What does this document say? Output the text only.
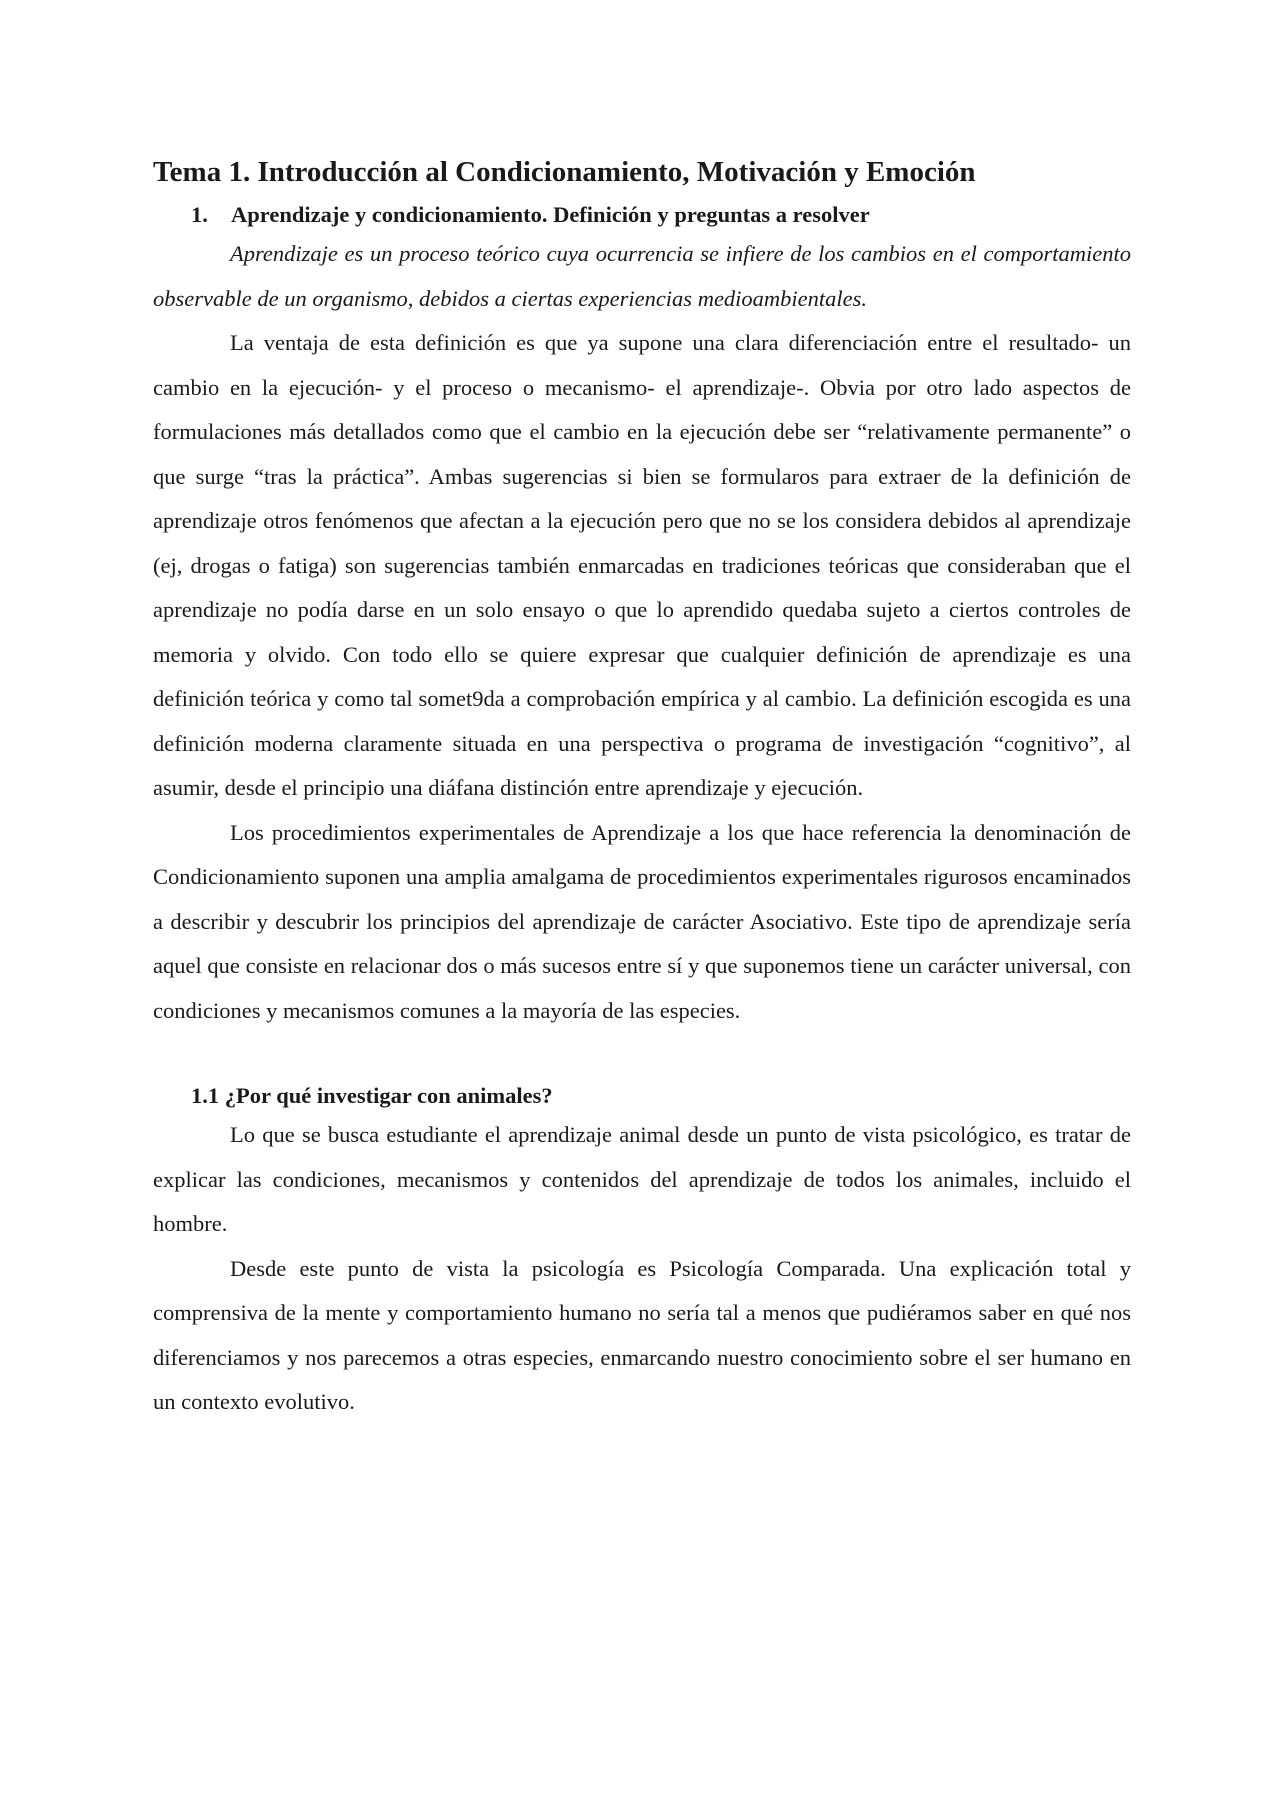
Tema 1. Introducción al Condicionamiento, Motivación y Emoción
1. Aprendizaje y condicionamiento. Definición y preguntas a resolver

Aprendizaje es un proceso teórico cuya ocurrencia se infiere de los cambios en el comportamiento observable de un organismo, debidos a ciertas experiencias medioambientales.

La ventaja de esta definición es que ya supone una clara diferenciación entre el resultado- un cambio en la ejecución- y el proceso o mecanismo- el aprendizaje-. Obvia por otro lado aspectos de formulaciones más detallados como que el cambio en la ejecución debe ser “relativamente permanente” o que surge “tras la práctica”. Ambas sugerencias si bien se formularos para extraer de la definición de aprendizaje otros fenómenos que afectan a la ejecución pero que no se los considera debidos al aprendizaje (ej, drogas o fatiga) son sugerencias también enmarcadas en tradiciones teóricas que consideraban que el aprendizaje no podía darse en un solo ensayo o que lo aprendido quedaba sujeto a ciertos controles de memoria y olvido. Con todo ello se quiere expresar que cualquier definición de aprendizaje es una definición teórica y como tal somet9da a comprobación empírica y al cambio. La definición escogida es una definición moderna claramente situada en una perspectiva o programa de investigación “cognitivo”, al asumir, desde el principio una diáfana distinción entre aprendizaje y ejecución.

Los procedimientos experimentales de Aprendizaje a los que hace referencia la denominación de Condicionamiento suponen una amplia amalgama de procedimientos experimentales rigurosos encaminados a describir y descubrir los principios del aprendizaje de carácter Asociativo. Este tipo de aprendizaje sería aquel que consiste en relacionar dos o más sucesos entre sí y que suponemos tiene un carácter universal, con condiciones y mecanismos comunes a la mayoría de las especies.

1.1 ¿Por qué investigar con animales?

Lo que se busca estudiante el aprendizaje animal desde un punto de vista psicológico, es tratar de explicar las condiciones, mecanismos y contenidos del aprendizaje de todos los animales, incluido el hombre.

Desde este punto de vista la psicología es Psicología Comparada. Una explicación total y comprensiva de la mente y comportamiento humano no sería tal a menos que pudiéramos saber en qué nos diferenciamos y nos parecemos a otras especies, enmarcando nuestro conocimiento sobre el ser humano en un contexto evolutivo.
